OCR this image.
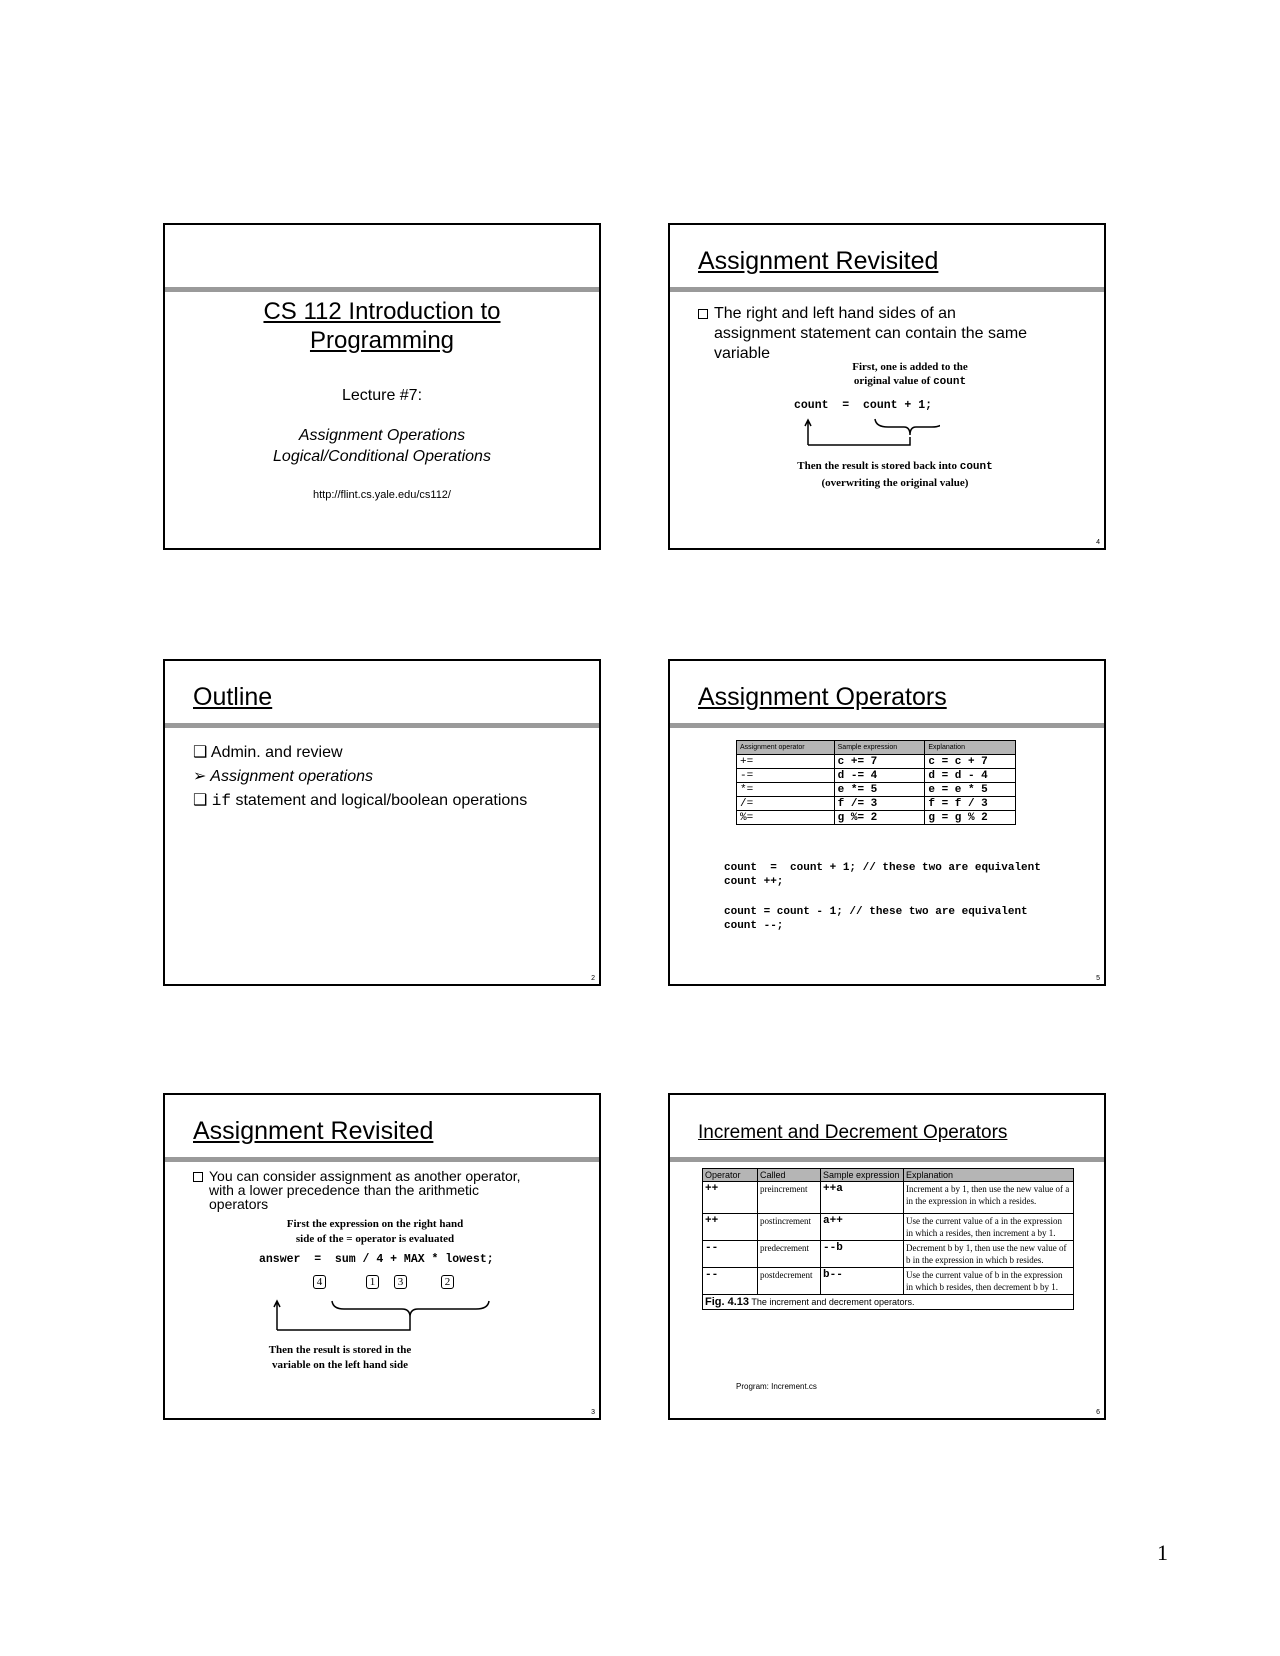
CS 112 Introduction to
Programming
Lecture #7:
Assignment Operations
Logical/Conditional Operations
http://flint.cs.yale.edu/cs112/
Assignment Revisited
The right and left hand sides of an
assignment statement can contain the same
variable
First, one is added to the
original value of count
count  =  count + 1;
Then the result is stored back into count
(overwriting the original value)
4
Outline
❑ Admin. and review
➢ Assignment operations
❑ if statement and logical/boolean operations
2
Assignment Operators
Assignment operator	Sample expression	Explanation
+=	c += 7	c = c + 7
-=	d -= 4	d = d - 4
*=	e *= 5	e = e * 5
/=	f /= 3	f = f / 3
%=	g %= 2	g = g % 2
count  =  count + 1; // these two are equivalent
count ++;
count = count - 1; // these two are equivalent
count --;
5
Assignment Revisited
You can consider assignment as another operator,
with a lower precedence than the arithmetic
operators
First the expression on the right hand
side of the = operator is evaluated
answer  =  sum / 4 + MAX * lowest;
4	1	3	2
Then the result is stored in the
variable on the left hand side
3
Increment and Decrement Operators
Operator	Called	Sample expression	Explanation
++	preincrement	++a	Increment a by 1, then use the new value of a in the expression in which a resides.
++	postincrement	a++	Use the current value of a in the expression in which a resides, then increment a by 1.
--	predecrement	--b	Decrement b by 1, then use the new value of b in the expression in which b resides.
--	postdecrement	b--	Use the current value of b in the expression in which b resides, then decrement b by 1.
Fig. 4.13 The increment and decrement operators.			
Program: Increment.cs
6
1
